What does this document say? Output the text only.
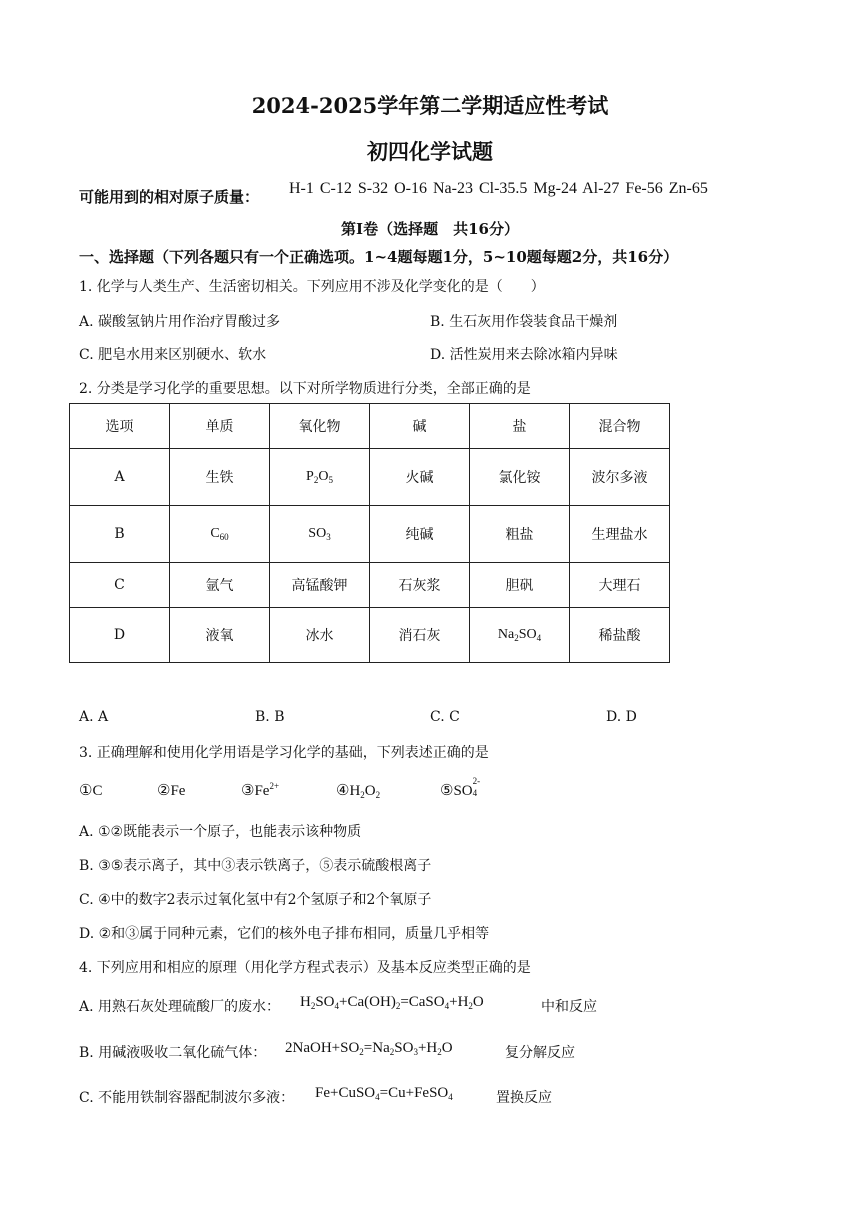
2024-2025学年第二学期适应性考试
初四化学试题
可能用到的相对原子质量： H-1 C-12 S-32 O-16 Na-23 Cl-35.5 Mg-24 Al-27 Fe-56 Zn-65
第Ⅰ卷（选择题　共16分）
一、选择题（下列各题只有一个正确选项。1~4题每题1分，5~10题每题2分，共16分）
1. 化学与人类生产、生活密切相关。下列应用不涉及化学变化的是（　　）
A. 碳酸氢钠片用作治疗胃酸过多	B. 生石灰用作袋装食品干燥剂
C. 肥皂水用来区别硬水、软水	D. 活性炭用来去除冰箱内异味
2. 分类是学习化学的重要思想。以下对所学物质进行分类，全部正确的是
选项	单质	氧化物	碱	盐	混合物
A	生铁	$P_2O_5$	火碱	氯化铵	波尔多液
B	$C_{60}$	$SO_3$	纯碱	粗盐	生理盐水
C	氩气	高锰酸钾	石灰浆	胆矾	大理石
D	液氧	冰水	消石灰	$Na_2SO_4$	稀盐酸
A. A	B. B	C. C	D. D
3. 正确理解和使用化学用语是学习化学的基础，下列表述正确的是
①C	②Fe	$③Fe^{2+}$	$④H_2O_2$	⑤SO
2-
4
A. ①②既能表示一个原子，也能表示该种物质
B. ③⑤表示离子，其中③表示铁离子，⑤表示硫酸根离子
C. ④中的数字2表示过氧化氢中有2个氢原子和2个氧原子
D. ②和③属于同种元素，它们的核外电子排布相同，质量几乎相等
4. 下列应用和相应的原理（用化学方程式表示）及基本反应类型正确的是
A. 用熟石灰处理硫酸厂的废水： $H_2SO_4+Ca(OH)_2=CaSO_4+H_2O$	中和反应
B. 用碱液吸收二氧化硫气体： $2NaOH+SO_2=Na_2SO_3+H_2O$	复分解反应
C. 不能用铁制容器配制波尔多液： Fe+CuSO$_4$=Cu+FeSO$_4$	置换反应
